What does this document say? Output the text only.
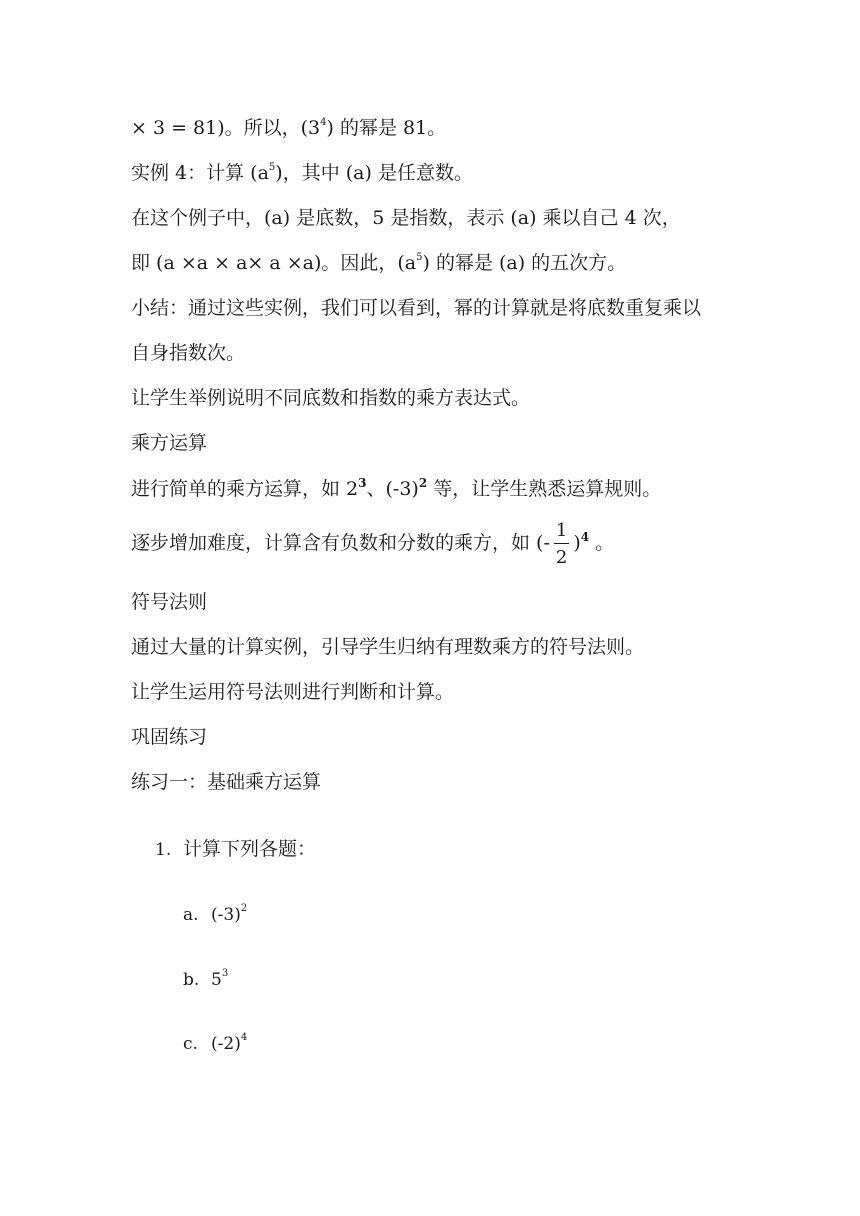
× 3 = 81)。所以，$(3^4)$ 的幂是 81。
实例 4：计算 $(a^5)$，其中 (a) 是任意数。
在这个例子中，(a) 是底数，5 是指数，表示 (a) 乘以自己 4 次，
即 (a ×a × a× a ×a)。因此，$(a^5)$ 的幂是 (a) 的五次方。
小结：通过这些实例，我们可以看到，幂的计算就是将底数重复乘以
自身指数次。
让学生举例说明不同底数和指数的乘方表达式。
乘方运算
进行简单的乘方运算，如 $2^3$、$(-3)^2$ 等，让学生熟悉运算规则。
逐步增加难度，计算含有负数和分数的乘方，如 (- $\frac{1}{2} )^4$ 。
符号法则
通过大量的计算实例，引导学生归纳有理数乘方的符号法则。
让学生运用符号法则进行判断和计算。
巩固练习
练习一：基础乘方运算
1. 计算下列各题：
a. $(-3)^2$
b. $5^3$
c. $(-2)^4$
